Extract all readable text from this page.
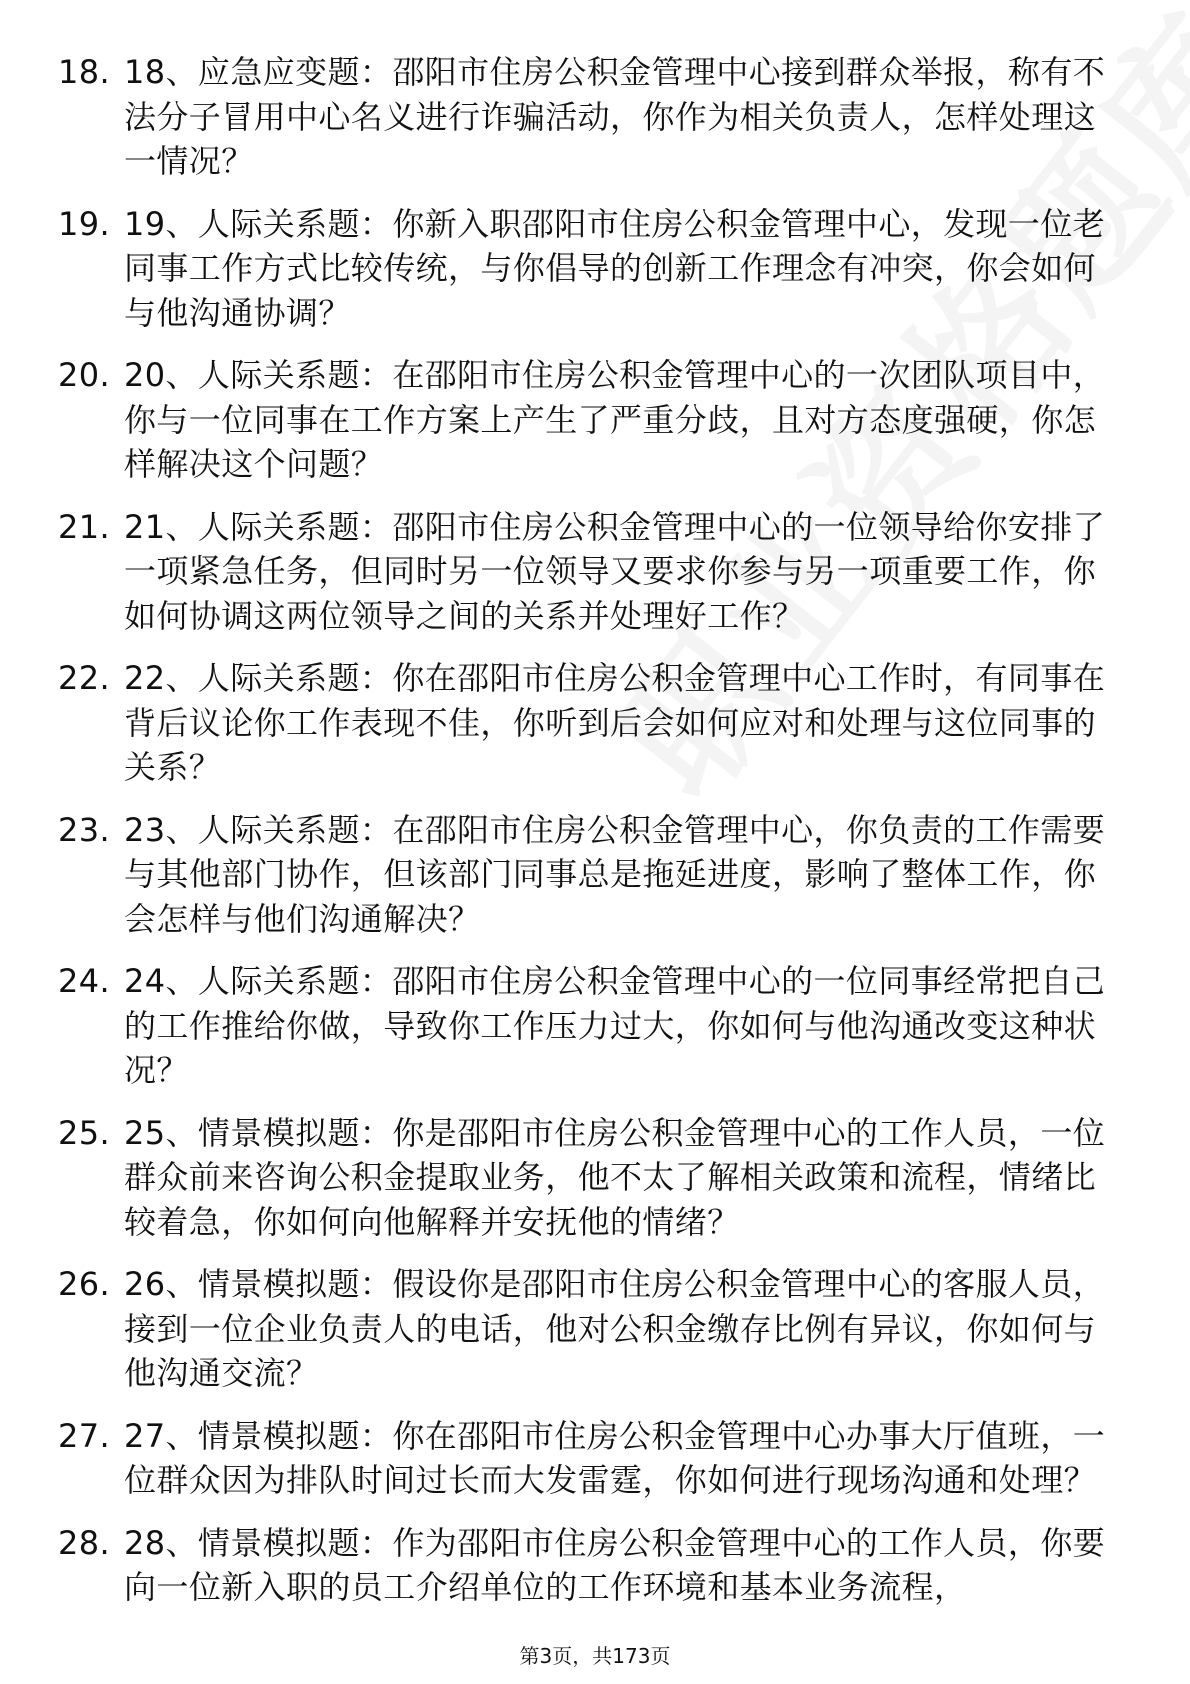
18. 18、应急应变题：邵阳市住房公积金管理中心接到群众举报，称有不法分子冒用中心名义进行诈骗活动，你作为相关负责人，怎样处理这一情况？
19. 19、人际关系题：你新入职邵阳市住房公积金管理中心，发现一位老同事工作方式比较传统，与你倡导的创新工作理念有冲突，你会如何与他沟通协调？
20. 20、人际关系题：在邵阳市住房公积金管理中心的一次团队项目中，你与一位同事在工作方案上产生了严重分歧，且对方态度强硬，你怎样解决这个问题？
21. 21、人际关系题：邵阳市住房公积金管理中心的一位领导给你安排了一项紧急任务，但同时另一位领导又要求你参与另一项重要工作，你如何协调这两位领导之间的关系并处理好工作？
22. 22、人际关系题：你在邵阳市住房公积金管理中心工作时，有同事在背后议论你工作表现不佳，你听到后会如何应对和处理与这位同事的关系？
23. 23、人际关系题：在邵阳市住房公积金管理中心，你负责的工作需要与其他部门协作，但该部门同事总是拖延进度，影响了整体工作，你会怎样与他们沟通解决？
24. 24、人际关系题：邵阳市住房公积金管理中心的一位同事经常把自己的工作推给你做，导致你工作压力过大，你如何与他沟通改变这种状况？
25. 25、情景模拟题：你是邵阳市住房公积金管理中心的工作人员，一位群众前来咨询公积金提取业务，他不太了解相关政策和流程，情绪比较着急，你如何向他解释并安抚他的情绪？
26. 26、情景模拟题：假设你是邵阳市住房公积金管理中心的客服人员，接到一位企业负责人的电话，他对公积金缴存比例有异议，你如何与他沟通交流？
27. 27、情景模拟题：你在邵阳市住房公积金管理中心办事大厅值班，一位群众因为排队时间过长而大发雷霆，你如何进行现场沟通和处理？
28. 28、情景模拟题：作为邵阳市住房公积金管理中心的工作人员，你要向一位新入职的员工介绍单位的工作环境和基本业务流程，
第3页，共173页
